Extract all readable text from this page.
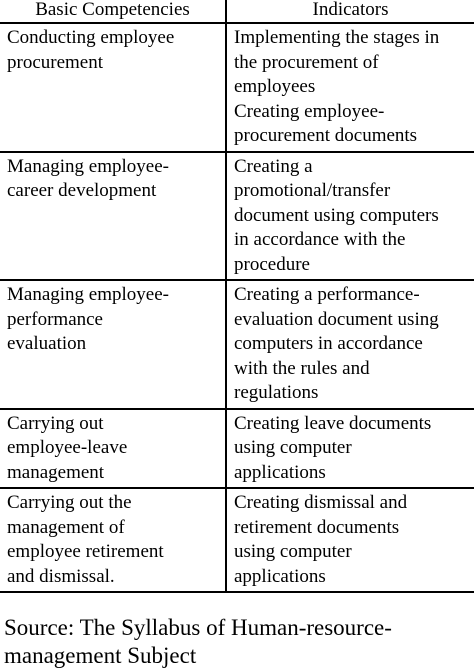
Basic Competencies	Indicators

Conducting employee
procurement	Implementing the stages in
the procurement of
employees
Creating employee-
procurement documents

Managing employee-
career development	Creating a
promotional/transfer
document using computers
in accordance with the
procedure

Managing employee-
performance
evaluation	Creating a performance-
evaluation document using
computers in accordance
with the rules and
regulations

Carrying out
employee-leave
management	Creating leave documents
using computer
applications

Carrying out the
management of
employee retirement
and dismissal.	Creating dismissal and
retirement documents
using computer
applications
Source: The Syllabus of Human-resource-
management Subject
